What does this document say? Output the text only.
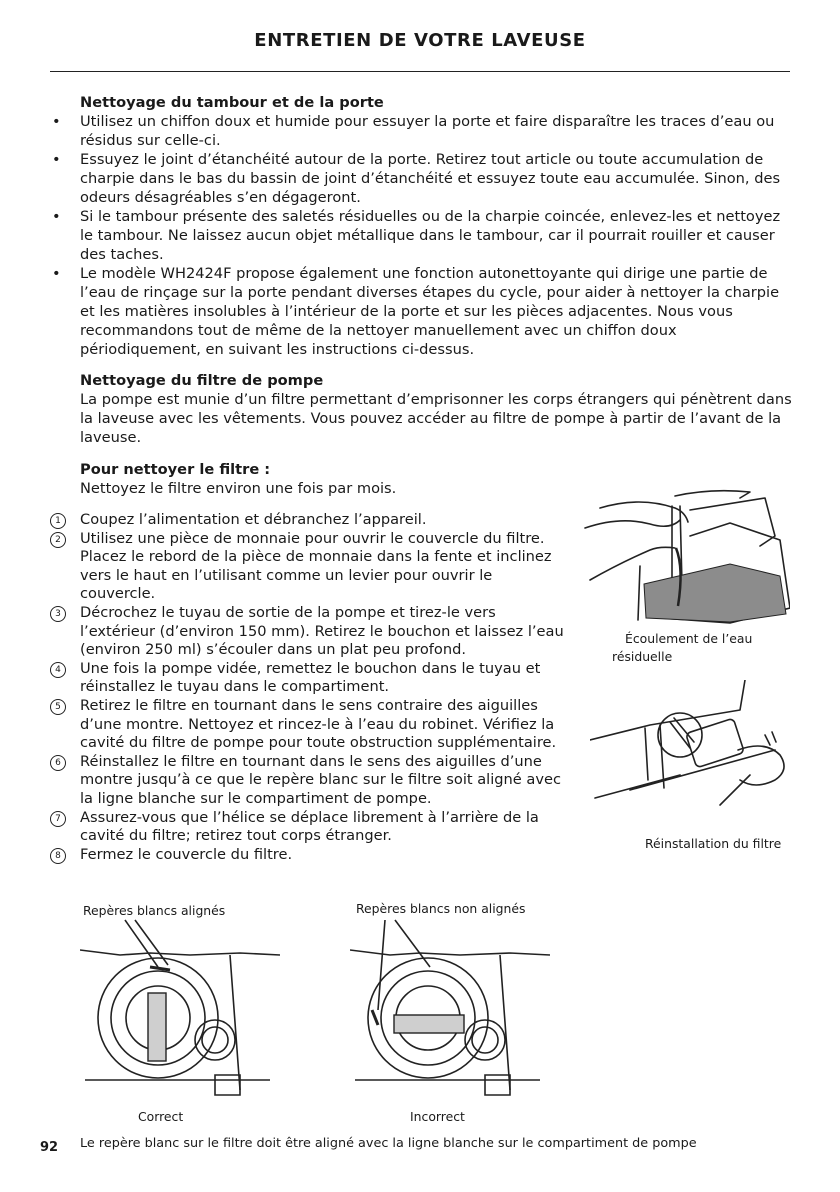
ENTRETIEN DE VOTRE LAVEUSE
Nettoyage du tambour et de la porte
• Utilisez un chiffon doux et humide pour essuyer la porte et faire disparaître les traces d’eau ou résidus sur celle-ci.
• Essuyez le joint d’étanchéité autour de la porte. Retirez tout article ou toute accumulation de charpie dans le bas du bassin de joint d’étanchéité et essuyez toute eau accumulée. Sinon, des odeurs désagréables s’en dégageront.
• Si le tambour présente des saletés résiduelles ou de la charpie coincée, enlevez-les et nettoyez le tambour. Ne laissez aucun objet métallique dans le tambour, car il pourrait rouiller et causer des taches.
• Le modèle WH2424F propose également une fonction autonettoyante qui dirige une partie de l’eau de rinçage sur la porte pendant diverses étapes du cycle, pour aider à nettoyer la charpie et les matières insolubles à l’intérieur de la porte et sur les pièces adjacentes. Nous vous recommandons tout de même de la nettoyer manuellement avec un chiffon doux périodiquement, en suivant les instructions ci-dessus.
Nettoyage du filtre de pompe
La pompe est munie d’un filtre permettant d’emprisonner les corps étrangers qui pénètrent dans la laveuse avec les vêtements. Vous pouvez accéder au filtre de pompe à partir de l’avant de la laveuse.
Pour nettoyer le filtre :
Nettoyez le filtre environ une fois par mois.
1	Coupez l’alimentation et débranchez l’appareil.
2	Utilisez une pièce de monnaie pour ouvrir le couvercle du filtre. Placez le rebord de la pièce de monnaie dans la fente et inclinez vers le haut en l’utilisant comme un levier pour ouvrir le couvercle.
3	Décrochez le tuyau de sortie de la pompe et tirez-le vers l’extérieur (d’environ 150 mm). Retirez le bouchon et laissez l’eau (environ 250 ml) s’écouler dans un plat peu profond.
4	Une fois la pompe vidée, remettez le bouchon dans le tuyau et réinstallez le tuyau dans le compartiment.
5	Retirez le filtre en tournant dans le sens contraire des aiguilles d’une montre. Nettoyez et rincez-le à l’eau du robinet. Vérifiez la cavité du filtre de pompe pour toute obstruction supplémentaire.
6	Réinstallez le filtre en tournant dans le sens des aiguilles d’une montre jusqu’à ce que le repère blanc sur le filtre soit aligné avec la ligne blanche sur le compartiment de pompe.
7	Assurez-vous que l’hélice se déplace librement à l’arrière de la cavité du filtre; retirez tout corps étranger.
8	Fermez le couvercle du filtre.
Écoulement de l’eau
résiduelle
Réinstallation du filtre
Repères blancs alignés	Repères blancs non alignés
Correct	Incorrect
92 Le repère blanc sur le filtre doit être aligné avec la ligne blanche sur le compartiment de pompe
